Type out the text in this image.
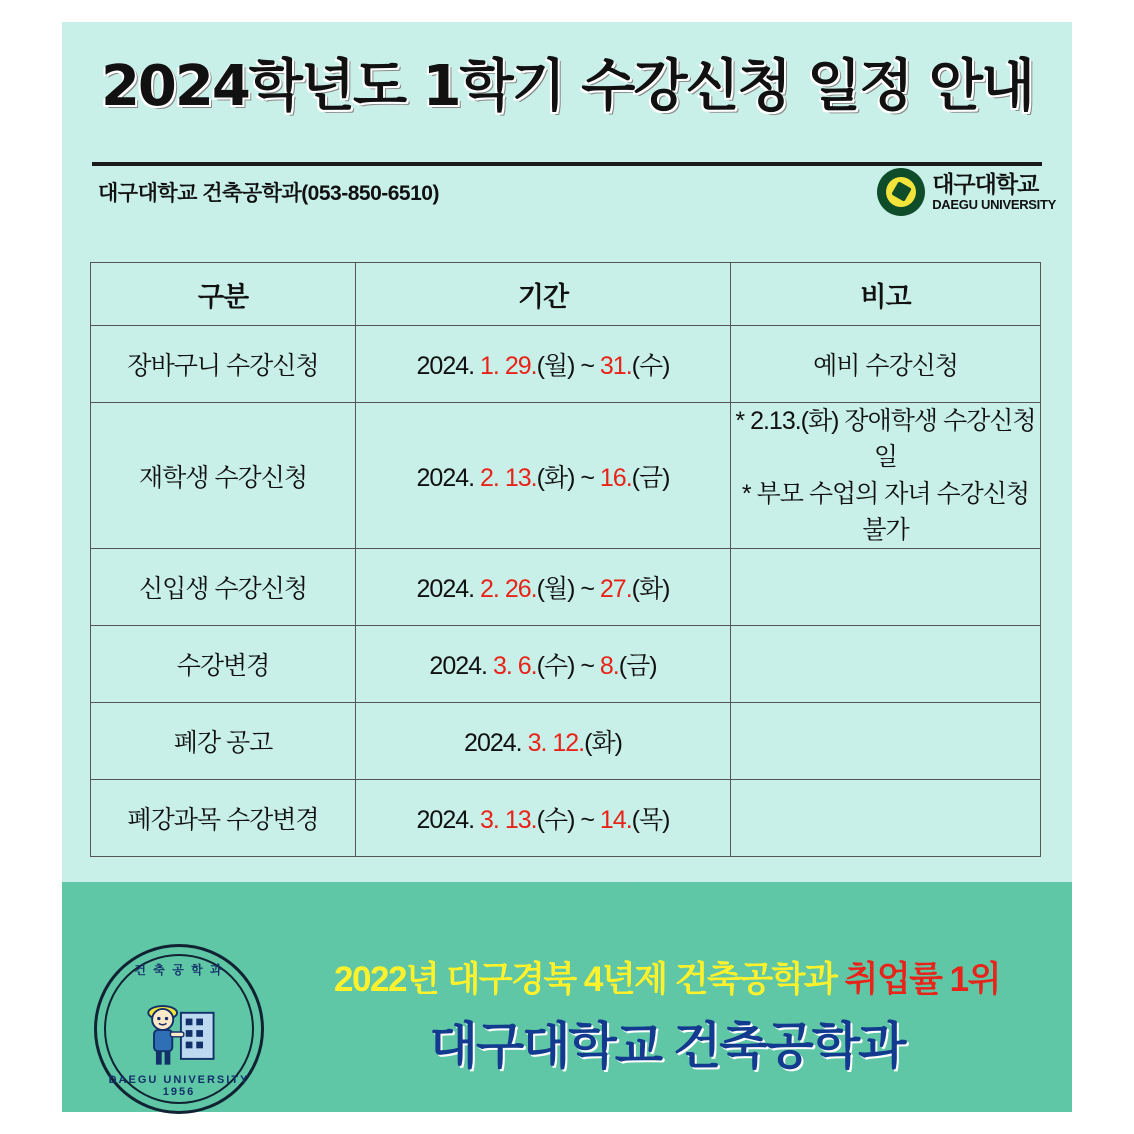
2024학년도 1학기 수강신청 일정 안내
대구대학교 건축공학과(053-850-6510)	대구대학교
DAEGU UNIVERSITY
구분	기간	비고
장바구니 수강신청	2024. 1. 29.(월) ~ 31.(수)	예비 수강신청
재학생 수강신청	2024. 2. 13.(화) ~ 16.(금)	* 2.13.(화) 장애학생 수강신청일
* 부모 수업의 자녀 수강신청 불가

신입생 수강신청	2024. 2. 26.(월) ~ 27.(화)	
수강변경	2024. 3. 6.(수) ~ 8.(금)	
폐강 공고	2024. 3. 12.(화)	
폐강과목 수강변경	2024. 3. 13.(수) ~ 14.(목)	
건 축 공 학 과
DAEGU UNIVERSITY 1956
2022년 대구경북 4년제 건축공학과 취업률 1위
대구대학교 건축공학과
